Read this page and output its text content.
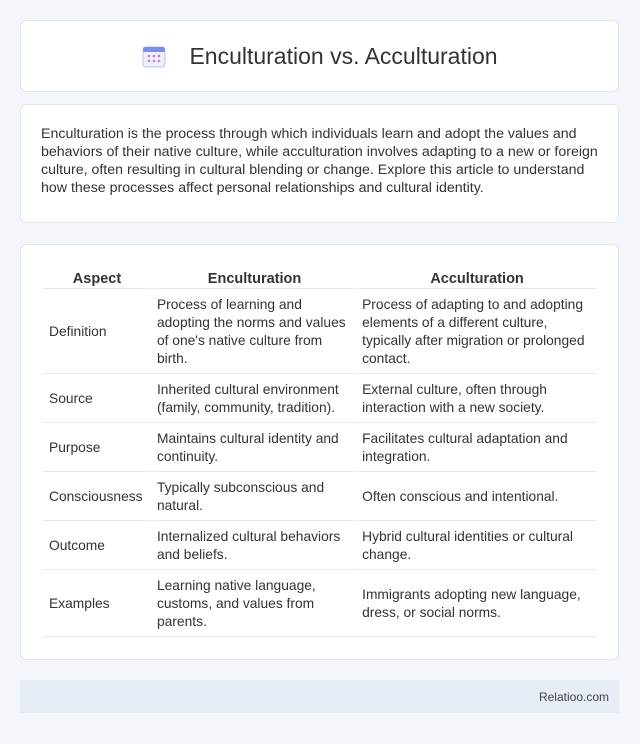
Enculturation vs. Acculturation

Enculturation is the process through which individuals learn and adopt the values and behaviors of their native culture, while acculturation involves adapting to a new or foreign culture, often resulting in cultural blending or change. Explore this article to understand how these processes affect personal relationships and cultural identity.

Aspect	Enculturation	Acculturation
Definition	Process of learning and adopting the norms and values of one's native culture from birth.	Process of adapting to and adopting elements of a different culture, typically after migration or prolonged contact.
Source	Inherited cultural environment (family, community, tradition).	External culture, often through interaction with a new society.
Purpose	Maintains cultural identity and continuity.	Facilitates cultural adaptation and integration.
Consciousness	Typically subconscious and natural.	Often conscious and intentional.
Outcome	Internalized cultural behaviors and beliefs.	Hybrid cultural identities or cultural change.
Examples	Learning native language, customs, and values from parents.	Immigrants adopting new language, dress, or social norms.
Relatioo.com
